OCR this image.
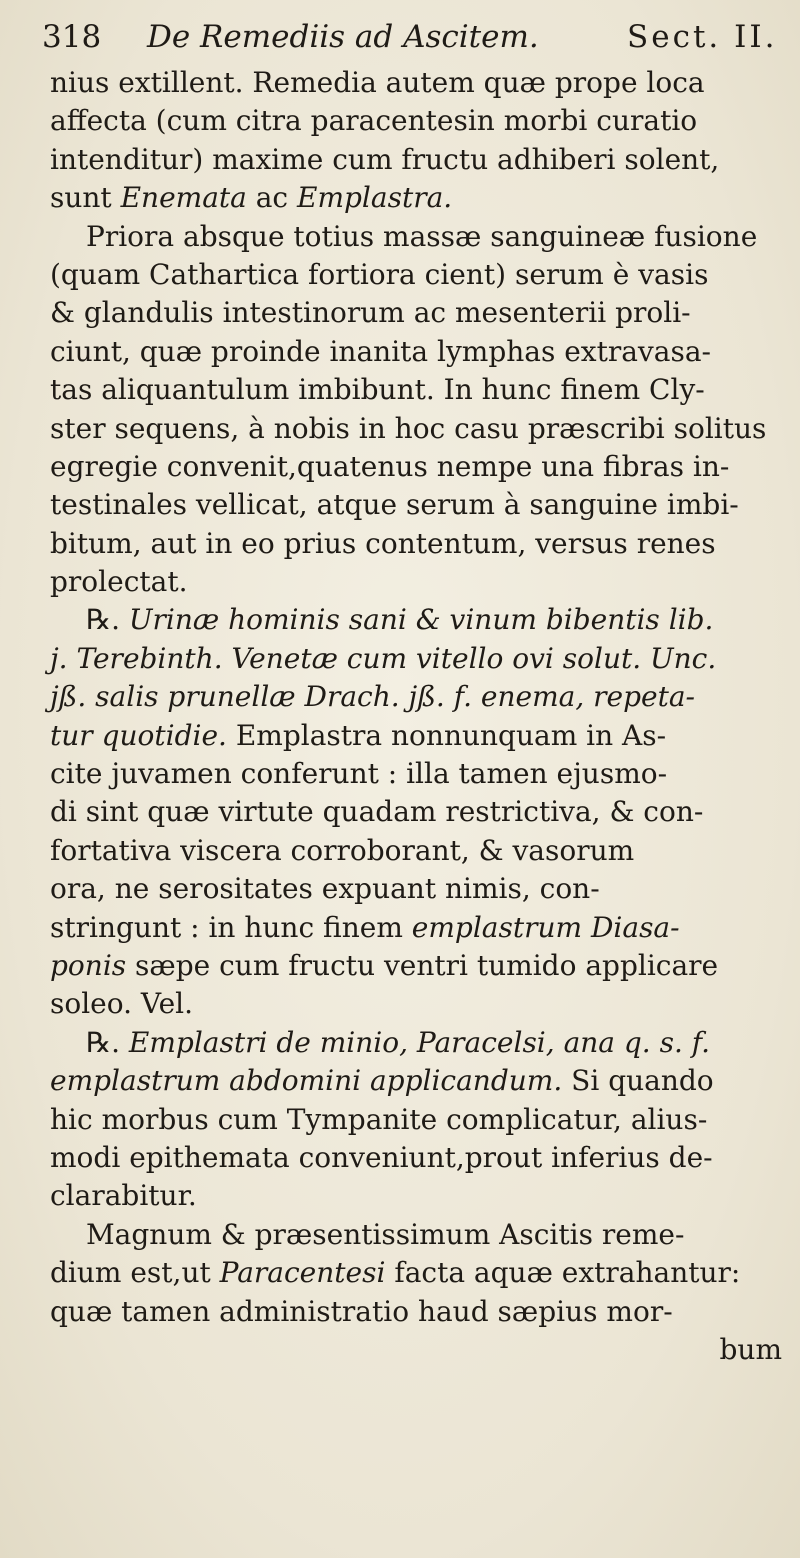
318 De Remediis ad Ascitem.	Sect. II.
nius extillent. Remedia autem quæ prope loca
affecta (cum citra paracentesin morbi curatio
intenditur) maxime cum fructu adhiberi solent,
sunt Enemata ac Emplastra.
Priora absque totius massæ sanguineæ fusione
(quam Cathartica fortiora cient) serum è vasis
& glandulis intestinorum ac mesenterii proli-
ciunt, quæ proinde inanita lymphas extravasa-
tas aliquantulum imbibunt. In hunc finem Cly-
ster sequens, à nobis in hoc casu præscribi solitus
egregie convenit,quatenus nempe una fibras in-
testinales vellicat, atque serum à sanguine imbi-
bitum, aut in eo prius contentum, versus renes
prolectat.
℞. Urinæ hominis sani & vinum bibentis lib.
j. Terebinth. Venetæ cum vitello ovi solut. Unc.
jß. salis prunellæ Drach. jß. f. enema, repeta-
tur quotidie. Emplastra nonnunquam in As-
cite juvamen conferunt : illa tamen ejusmo-
di sint quæ virtute quadam restrictiva, & con-
fortativa viscera corroborant, & vasorum
ora, ne serositates expuant nimis, con-
stringunt : in hunc finem emplastrum Diasa-
ponis sæpe cum fructu ventri tumido applicare
soleo. Vel.
℞. Emplastri de minio, Paracelsi, ana q. s. f.
emplastrum abdomini applicandum. Si quando
hic morbus cum Tympanite complicatur, alius-
modi epithemata conveniunt,prout inferius de-
clarabitur.
Magnum & præsentissimum Ascitis reme-
dium est,ut Paracentesi facta aquæ extrahantur:
quæ tamen administratio haud sæpius mor-
bum
